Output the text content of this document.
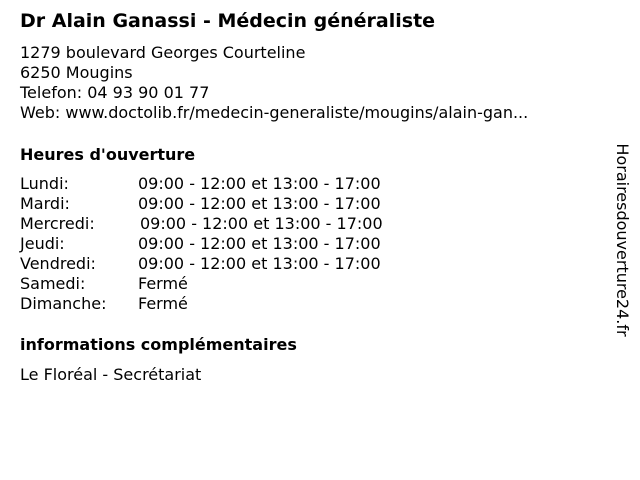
Dr Alain Ganassi - Médecin généraliste
1279 boulevard Georges Courteline
6250 Mougins
Telefon: 04 93 90 01 77
Web: www.doctolib.fr/medecin-generaliste/mougins/alain-gan...
Heures d'ouverture
Lundi:	09:00 - 12:00 et 13:00 - 17:00
Mardi:	09:00 - 12:00 et 13:00 - 17:00
Mercredi:	09:00 - 12:00 et 13:00 - 17:00
Jeudi:	09:00 - 12:00 et 13:00 - 17:00
Vendredi:	09:00 - 12:00 et 13:00 - 17:00
Samedi:	Fermé
Dimanche: Fermé
informations complémentaires
Le Floréal - Secrétariat
Horairesdouverture24.fr
